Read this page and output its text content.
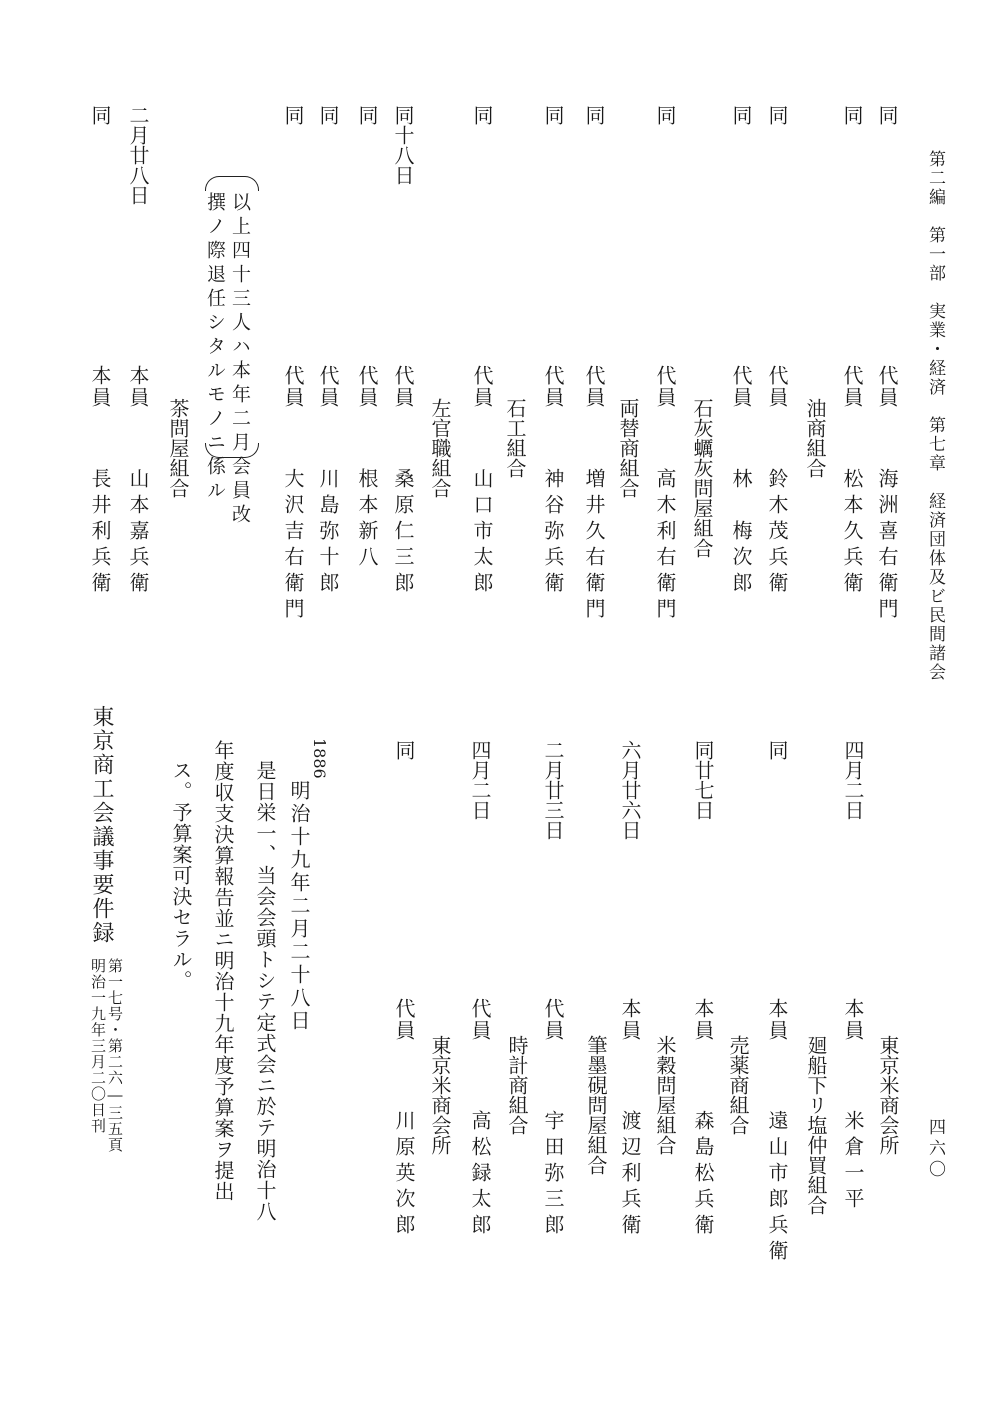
第二編　第一部　実業・経済　第七章　経済団体及ビ民間諸会
四六〇
同
代員
海洲喜右衛門
同
代員
松本久兵衛
油商組合
同
代員
鈴木茂兵衛
同
代員
林　梅次郎
石灰蠣灰問屋組合
同
代員
高木利右衛門
両替商組合
同
代員
増井久右衛門
同
代員
神谷弥兵衛
石工組合
同
代員
山口市太郎
左官職組合
同十八日
代員
桑原仁三郎
同
代員
根本新八
同
代員
川島弥十郎
同
代員
大沢吉右衛門
茶問屋組合
二月廿八日
本員
山本嘉兵衛
同
本員
長井利兵衛
以上四十三人ハ本年二月会員改
撰ノ際退任シタルモノニ係ル
東京米商会所
四月二日
本員
米倉一平
廻船下リ塩仲買組合
同
本員
遠山市郎兵衛
売薬商組合
同廿七日
本員
森島松兵衛
米穀問屋組合
六月廿六日
本員
渡辺利兵衛
筆墨硯問屋組合
二月廿三日
代員
宇田弥三郎
時計商組合
四月二日
代員
高松録太郎
東京米商会所
同
代員
川原英次郎
1886
明治十九年二月二十八日
是日栄一、当会会頭トシテ定式会ニ於テ明治十八
年度収支決算報告並ニ明治十九年度予算案ヲ提出
ス。予算案可決セラル。
東京商工会議事要件録
第一七号・第二六―三五頁
明治一九年三月二〇日刊
